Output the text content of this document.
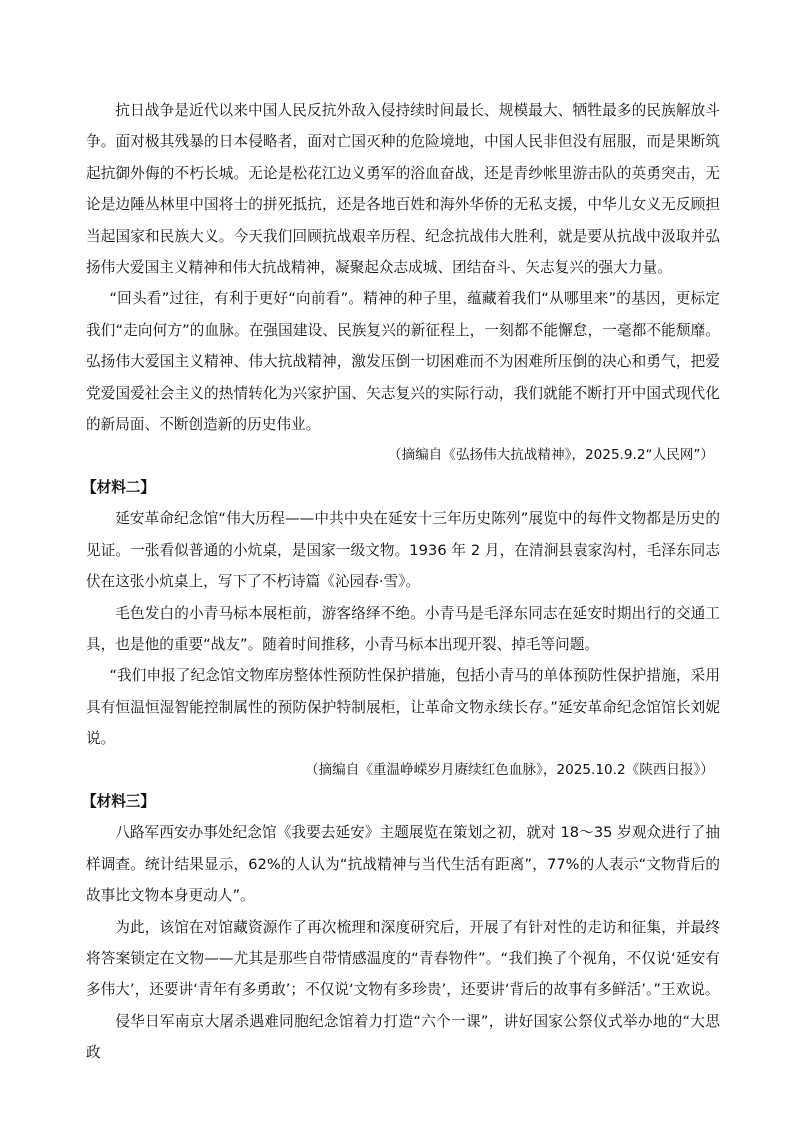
抗日战争是近代以来中国人民反抗外敌入侵持续时间最长、规模最大、牺牲最多的民族解放斗争。面对极其残暴的日本侵略者，面对亡国灭种的危险境地，中国人民非但没有屈服，而是果断筑起抗御外侮的不朽长城。无论是松花江边义勇军的浴血奋战，还是青纱帐里游击队的英勇突击，无论是边陲丛林里中国将士的拼死抵抗，还是各地百姓和海外华侨的无私支援，中华儿女义无反顾担当起国家和民族大义。今天我们回顾抗战艰辛历程、纪念抗战伟大胜利，就是要从抗战中汲取并弘扬伟大爱国主义精神和伟大抗战精神，凝聚起众志成城、团结奋斗、矢志复兴的强大力量。

“回头看”过往，有利于更好“向前看”。精神的种子里，蕴藏着我们“从哪里来”的基因，更标定我们“走向何方”的血脉。在强国建设、民族复兴的新征程上，一刻都不能懈怠，一毫都不能颓靡。弘扬伟大爱国主义精神、伟大抗战精神，激发压倒一切困难而不为困难所压倒的决心和勇气，把爱党爱国爱社会主义的热情转化为兴家护国、矢志复兴的实际行动，我们就能不断打开中国式现代化的新局面、不断创造新的历史伟业。

（摘编自《弘扬伟大抗战精神》，2025.9.2“人民网”）

【材料二】

延安革命纪念馆“伟大历程——中共中央在延安十三年历史陈列”展览中的每件文物都是历史的见证。一张看似普通的小炕桌，是国家一级文物。1936 年 2 月，在清涧县袁家沟村，毛泽东同志伏在这张小炕桌上，写下了不朽诗篇《沁园春·雪》。

毛色发白的小青马标本展柜前，游客络绎不绝。小青马是毛泽东同志在延安时期出行的交通工具，也是他的重要“战友”。随着时间推移，小青马标本出现开裂、掉毛等问题。

“我们申报了纪念馆文物库房整体性预防性保护措施，包括小青马的单体预防性保护措施，采用具有恒温恒湿智能控制属性的预防保护特制展柜，让革命文物永续长存。”延安革命纪念馆馆长刘妮说。

（摘编自《重温峥嵘岁月赓续红色血脉》，2025.10.2《陕西日报》）

【材料三】

八路军西安办事处纪念馆《我要去延安》主题展览在策划之初，就对 18～35 岁观众进行了抽样调查。统计结果显示，62%的人认为“抗战精神与当代生活有距离”，77%的人表示“文物背后的故事比文物本身更动人”。

为此，该馆在对馆藏资源作了再次梳理和深度研究后，开展了有针对性的走访和征集，并最终将答案锁定在文物——尤其是那些自带情感温度的“青春物件”。“我们换了个视角，不仅说‘延安有多伟大’，还要讲‘青年有多勇敢’；不仅说‘文物有多珍贵’，还要讲‘背后的故事有多鲜活’。”王欢说。

侵华日军南京大屠杀遇难同胞纪念馆着力打造“六个一课”，讲好国家公祭仪式举办地的“大思政
